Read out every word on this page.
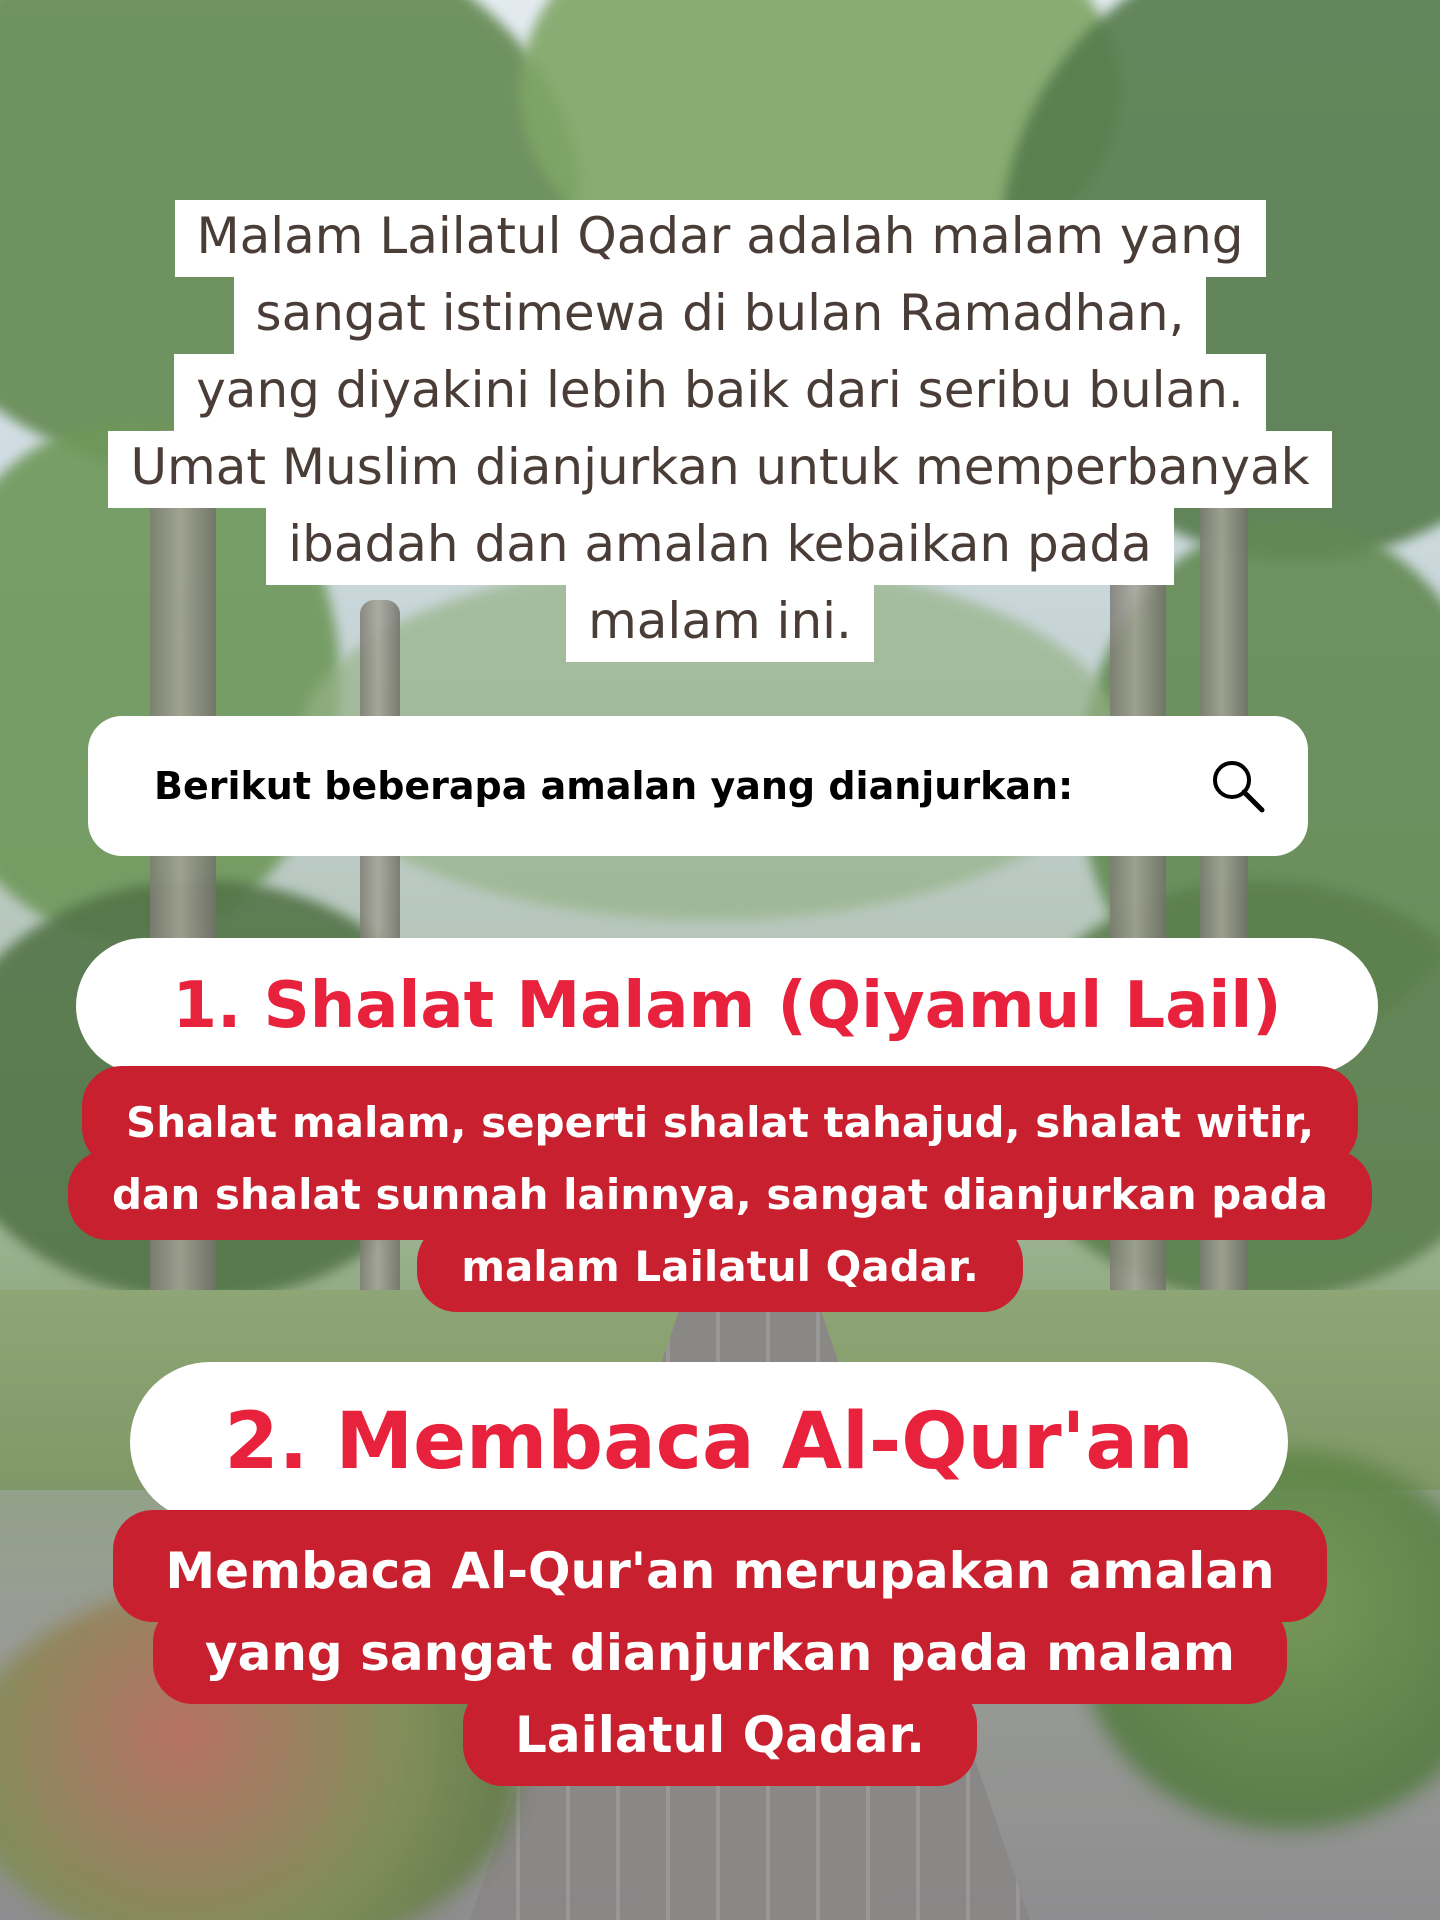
Malam Lailatul Qadar adalah malam yang
sangat istimewa di bulan Ramadhan,
yang diyakini lebih baik dari seribu bulan.
Umat Muslim dianjurkan untuk memperbanyak
ibadah dan amalan kebaikan pada
malam ini.
Berikut beberapa amalan yang dianjurkan:
1. Shalat Malam (Qiyamul Lail)
Shalat malam, seperti shalat tahajud, shalat witir,
dan shalat sunnah lainnya, sangat dianjurkan pada
malam Lailatul Qadar.
2. Membaca Al-Qur'an
Membaca Al-Qur'an merupakan amalan
yang sangat dianjurkan pada malam
Lailatul Qadar.
